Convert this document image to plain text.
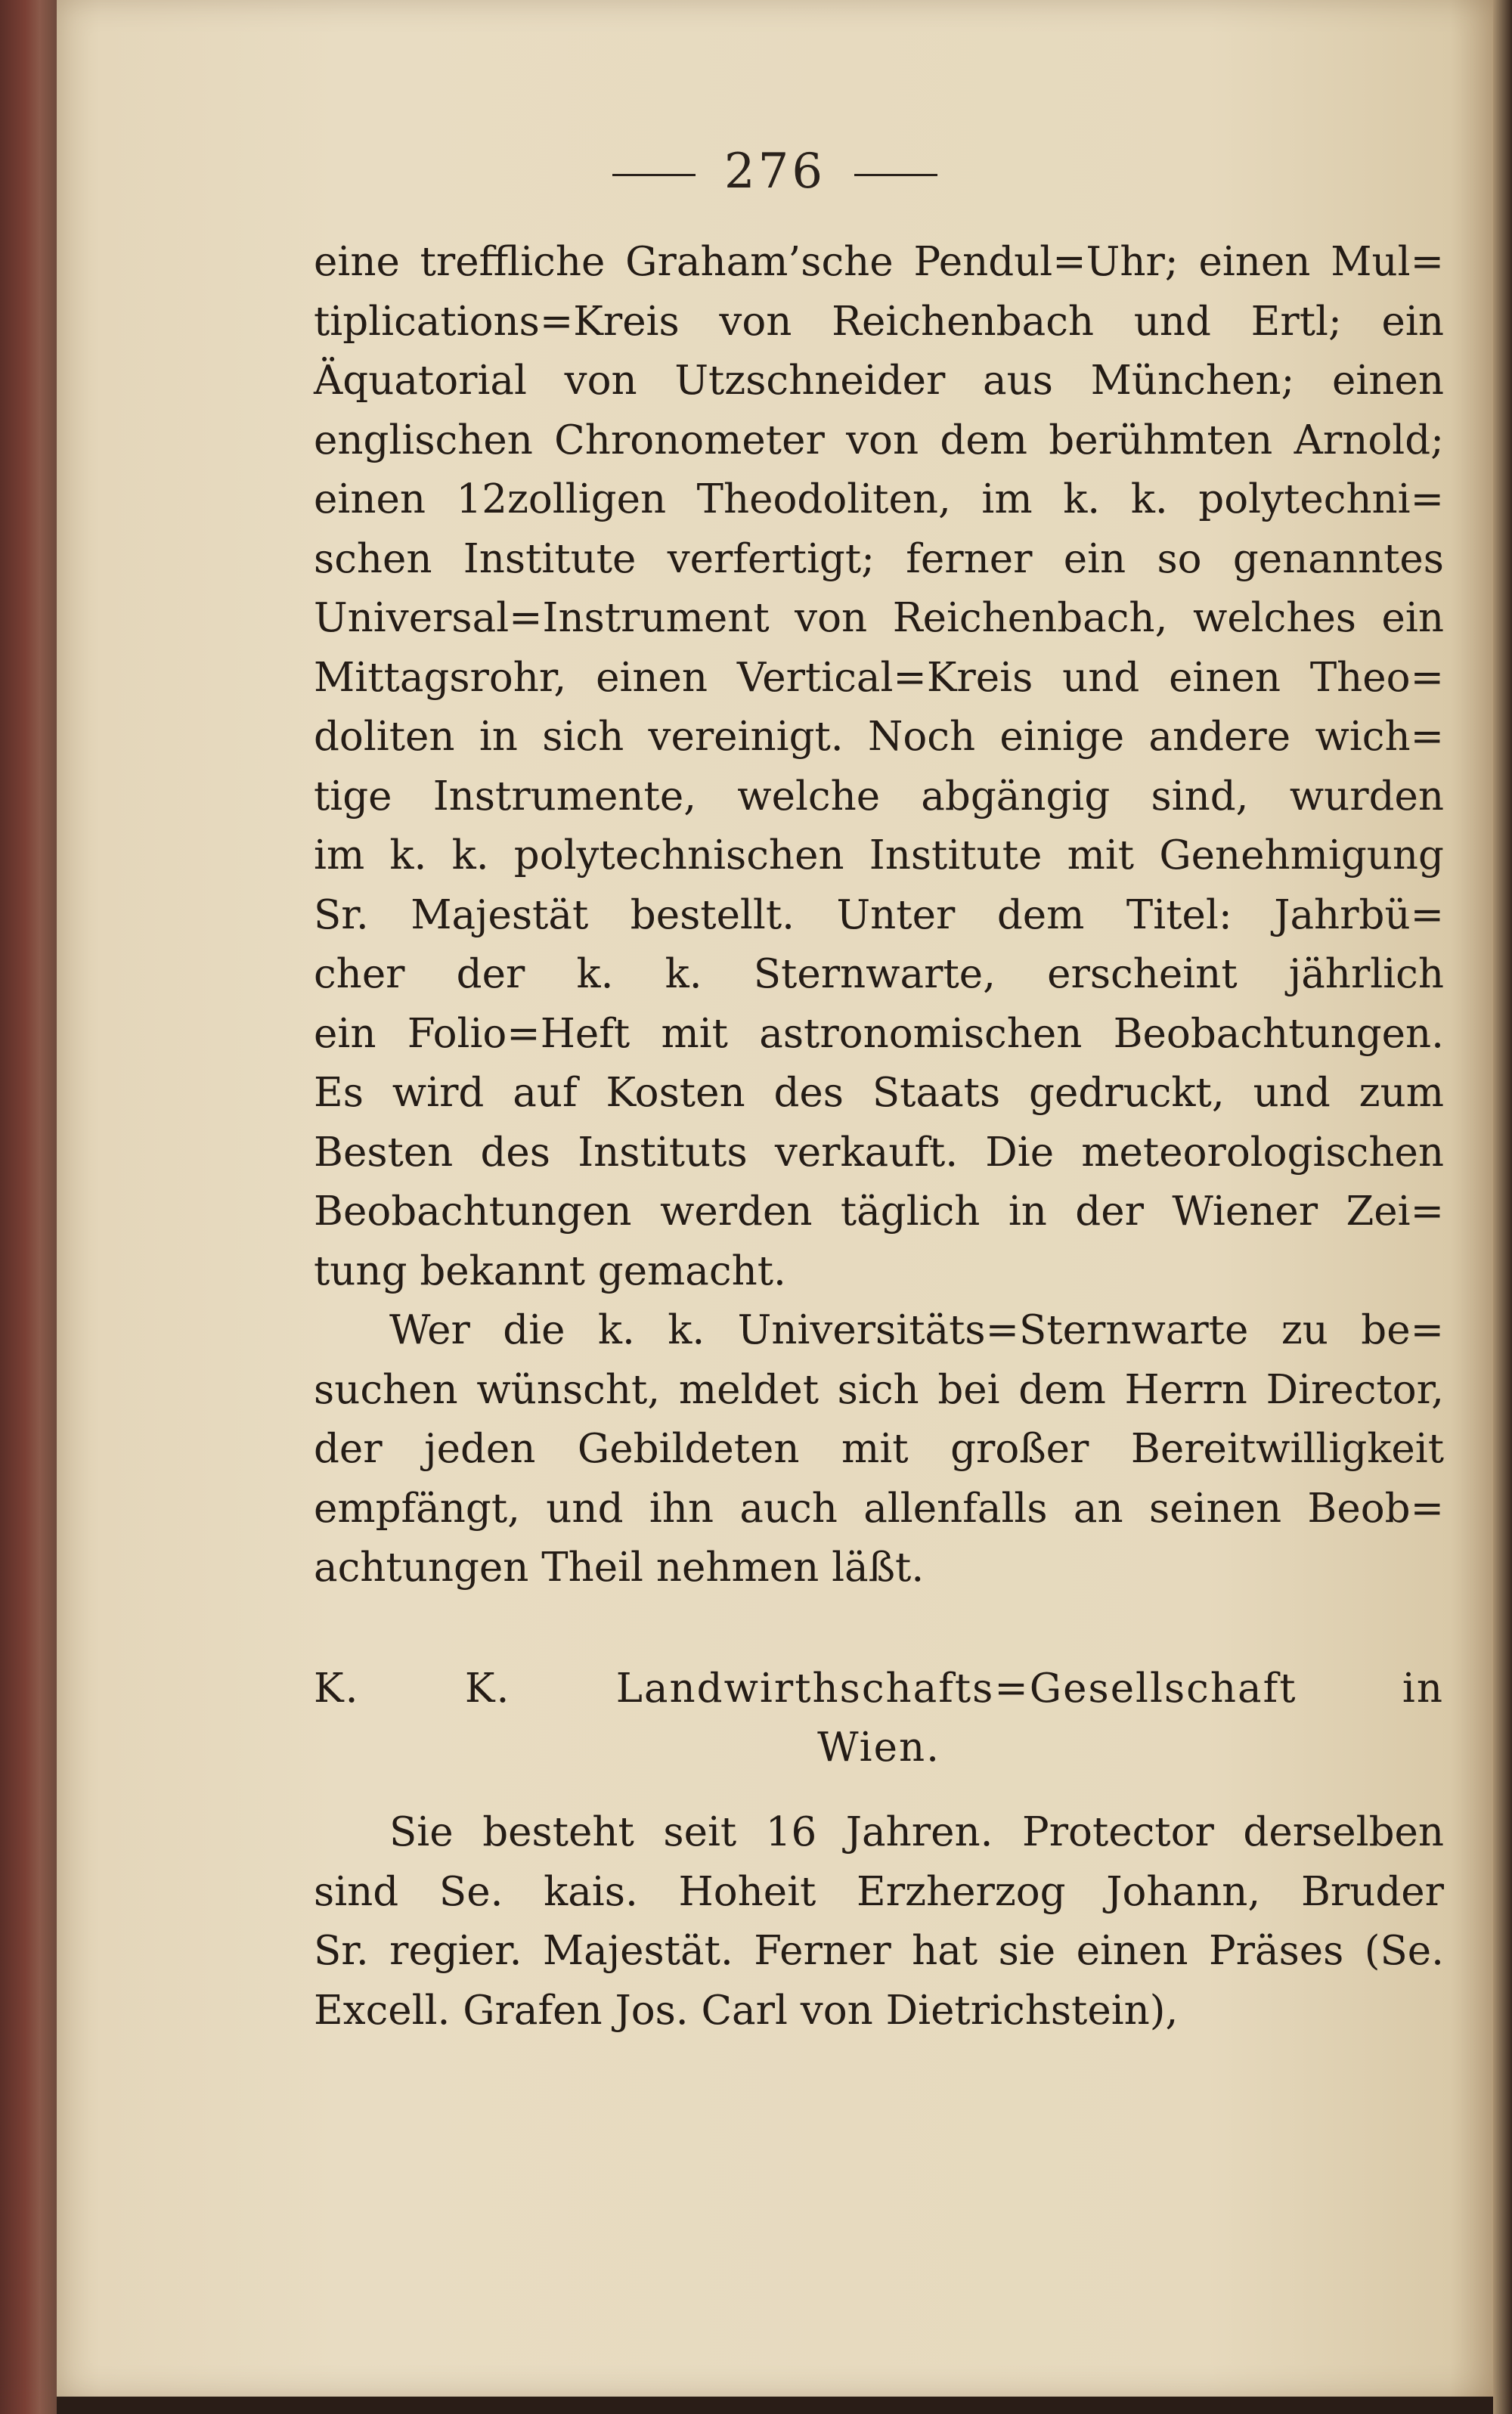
276
eine treffliche Graham’sche Pendul=Uhr; einen Mul=
tiplications=Kreis von Reichenbach und Ertl; ein
Äquatorial von Utzschneider aus München; einen
englischen Chronometer von dem berühmten Arnold;
einen 12zolligen Theodoliten, im k. k. polytechni=
schen Institute verfertigt; ferner ein so genanntes
Universal=Instrument von Reichenbach, welches ein
Mittagsrohr, einen Vertical=Kreis und einen Theo=
doliten in sich vereinigt. Noch einige andere wich=
tige Instrumente, welche abgängig sind, wurden
im k. k. polytechnischen Institute mit Genehmigung
Sr. Majestät bestellt. Unter dem Titel: Jahrbü=
cher der k. k. Sternwarte, erscheint jährlich
ein Folio=Heft mit astronomischen Beobachtungen.
Es wird auf Kosten des Staats gedruckt, und zum
Besten des Instituts verkauft. Die meteorologischen
Beobachtungen werden täglich in der Wiener Zei=
tung bekannt gemacht.
Wer die k. k. Universitäts=Sternwarte zu be=
suchen wünscht, meldet sich bei dem Herrn Director,
der jeden Gebildeten mit großer Bereitwilligkeit
empfängt, und ihn auch allenfalls an seinen Beob=
achtungen Theil nehmen läßt.
K. K. Landwirthschafts=Gesellschaft in
Wien.
Sie besteht seit 16 Jahren. Protector derselben
sind Se. kais. Hoheit Erzherzog Johann, Bruder
Sr. regier. Majestät. Ferner hat sie einen Präses (Se.
Excell. Grafen Jos. Carl von Dietrichstein),
